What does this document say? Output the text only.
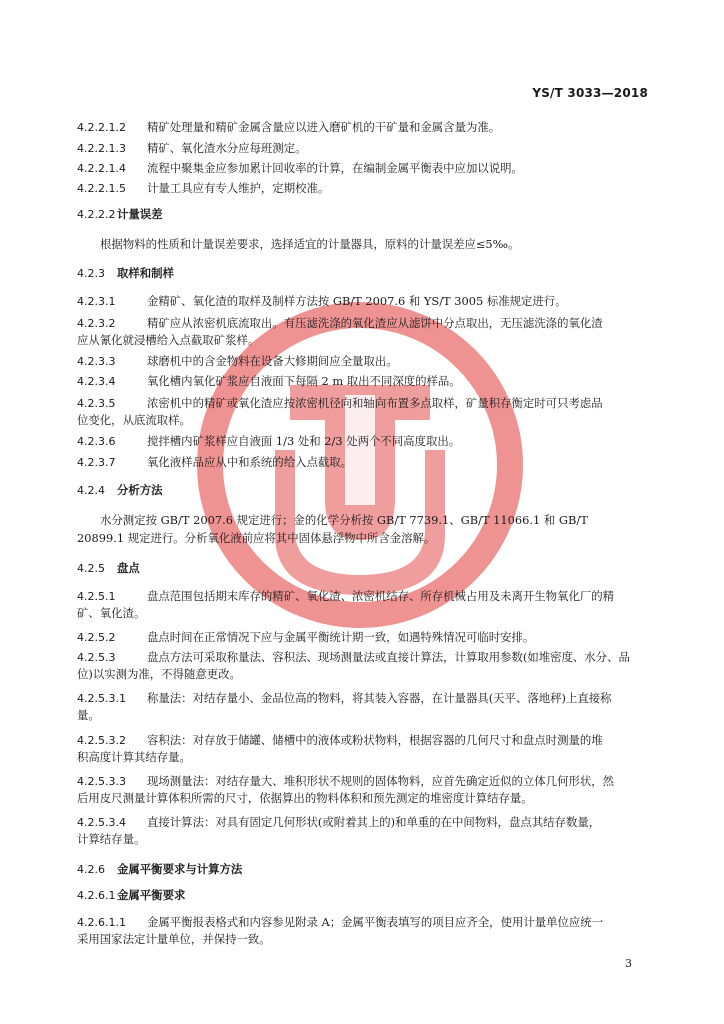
YS/T 3033—2018
4.2.2.1.2 精矿处理量和精矿金属含量应以进入磨矿机的干矿量和金属含量为准。
4.2.2.1.3 精矿、氧化渣水分应每班测定。
4.2.2.1.4 流程中聚集金应参加累计回收率的计算，在编制金属平衡表中应加以说明。
4.2.2.1.5 计量工具应有专人维护，定期校准。
4.2.2.2 计量误差
根据物料的性质和计量误差要求，选择适宜的计量器具，原料的计量误差应≤5‰。
4.2.3 取样和制样
4.2.3.1	金精矿、氧化渣的取样及制样方法按 GB/T 2007.6 和 YS/T 3005 标准规定进行。
4.2.3.2	精矿应从浓密机底流取出。有压滤洗涤的氧化渣应从滤饼中分点取出，无压滤洗涤的氧化渣
应从氰化就浸槽给入点截取矿浆样。
4.2.3.3	球磨机中的含金物料在设备大修期间应全量取出。
4.2.3.4	氧化槽内氧化矿浆应自液面下每隔 2 m 取出不同深度的样品。
4.2.3.5	浓密机中的精矿或氧化渣应按浓密机径向和轴向布置多点取样，矿量积存衡定时可只考虑品
位变化，从底流取样。
4.2.3.6	搅拌槽内矿浆样应自液面 1/3 处和 2/3 处两个不同高度取出。
4.2.3.7	氧化液样品应从中和系统的给入点截取。
4.2.4 分析方法
水分测定按 GB/T 2007.6 规定进行；金的化学分析按 GB/T 7739.1、GB/T 11066.1 和 GB/T
20899.1 规定进行。分析氧化液前应将其中固体悬浮物中所含金溶解。
4.2.5 盘点
4.2.5.1	盘点范围包括期末库存的精矿、氧化渣、浓密机结存、所存机械占用及未离开生物氧化厂的精
矿、氧化渣。
4.2.5.2	盘点时间在正常情况下应与金属平衡统计期一致，如遇特殊情况可临时安排。
4.2.5.3	盘点方法可采取称量法、容积法、现场测量法或直接计算法，计算取用参数(如堆密度、水分、品
位)以实测为准，不得随意更改。
4.2.5.3.1 称量法：对结存量小、金品位高的物料，将其装入容器，在计量器具(天平、落地秤)上直接称
量。
4.2.5.3.2 容积法：对存放于储罐、储槽中的液体或粉状物料，根据容器的几何尺寸和盘点时测量的堆
积高度计算其结存量。
4.2.5.3.3 现场测量法：对结存量大、堆积形状不规则的固体物料，应首先确定近似的立体几何形状，然
后用皮尺测量计算体积所需的尺寸，依据算出的物料体积和预先测定的堆密度计算结存量。
4.2.5.3.4 直接计算法：对具有固定几何形状(或附着其上的)和单重的在中间物料，盘点其结存数量，
计算结存量。
4.2.6 金属平衡要求与计算方法
4.2.6.1 金属平衡要求
4.2.6.1.1 金属平衡报表格式和内容参见附录 A；金属平衡表填写的项目应齐全，使用计量单位应统一
采用国家法定计量单位，并保持一致。
3
